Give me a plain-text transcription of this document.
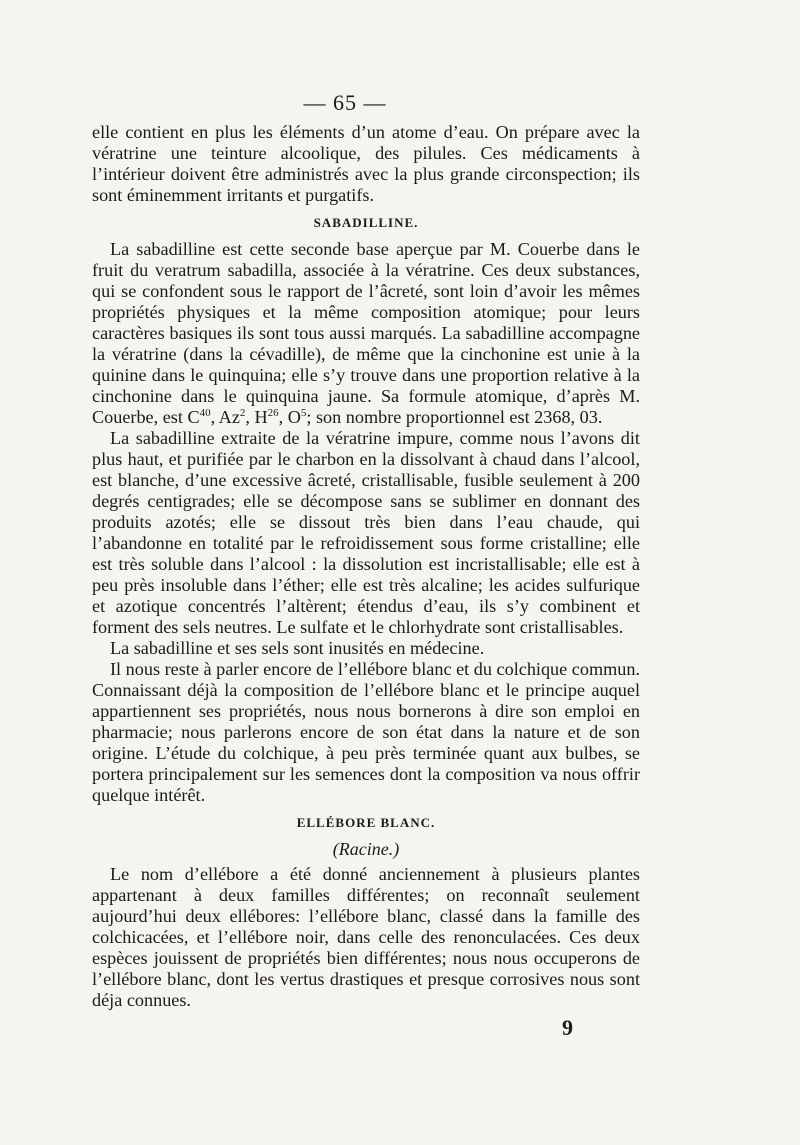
— 65 —

elle contient en plus les éléments d’un atome d’eau. On prépare avec la vératrine une teinture alcoolique, des pilules. Ces médicaments à l’intérieur doivent être administrés avec la plus grande circonspection; ils sont éminemment irritants et purgatifs.

SABADILLINE.

La sabadilline est cette seconde base aperçue par M. Couerbe dans le fruit du veratrum sabadilla, associée à la vératrine. Ces deux substances, qui se confondent sous le rapport de l’âcreté, sont loin d’avoir les mêmes propriétés physiques et la même composition atomique; pour leurs caractères basiques ils sont tous aussi marqués. La sabadilline accompagne la vératrine (dans la cévadille), de même que la cinchonine est unie à la quinine dans le quinquina; elle s’y trouve dans une proportion relative à la cinchonine dans le quinquina jaune. Sa formule atomique, d’après M. Couerbe, est $C^{40}$, Az$^2$, $H^{26}$, $O^5$; son nombre proportionnel est 2368, 03.

La sabadilline extraite de la vératrine impure, comme nous l’avons dit plus haut, et purifiée par le charbon en la dissolvant à chaud dans l’alcool, est blanche, d’une excessive âcreté, cristallisable, fusible seulement à 200 degrés centigrades; elle se décompose sans se sublimer en donnant des produits azotés; elle se dissout très bien dans l’eau chaude, qui l’abandonne en totalité par le refroidissement sous forme cristalline; elle est très soluble dans l’alcool : la dissolution est incristallisable; elle est à peu près insoluble dans l’éther; elle est très alcaline; les acides sulfurique et azotique concentrés l’altèrent; étendus d’eau, ils s’y combinent et forment des sels neutres. Le sulfate et le chlorhydrate sont cristallisables.

La sabadilline et ses sels sont inusités en médecine.

Il nous reste à parler encore de l’ellébore blanc et du colchique commun. Connaissant déjà la composition de l’ellébore blanc et le principe auquel appartiennent ses propriétés, nous nous bornerons à dire son emploi en pharmacie; nous parlerons encore de son état dans la nature et de son origine. L’étude du colchique, à peu près terminée quant aux bulbes, se portera principalement sur les semences dont la composition va nous offrir quelque intérêt.

ELLÉBORE BLANC.
(Racine.)

Le nom d’ellébore a été donné anciennement à plusieurs plantes appartenant à deux familles différentes; on reconnaît seulement aujourd’hui deux ellébores: l’ellébore blanc, classé dans la famille des colchicacées, et l’ellébore noir, dans celle des renonculacées. Ces deux espèces jouissent de propriétés bien différentes; nous nous occuperons de l’ellébore blanc, dont les vertus drastiques et presque corrosives nous sont déja connues.

9
